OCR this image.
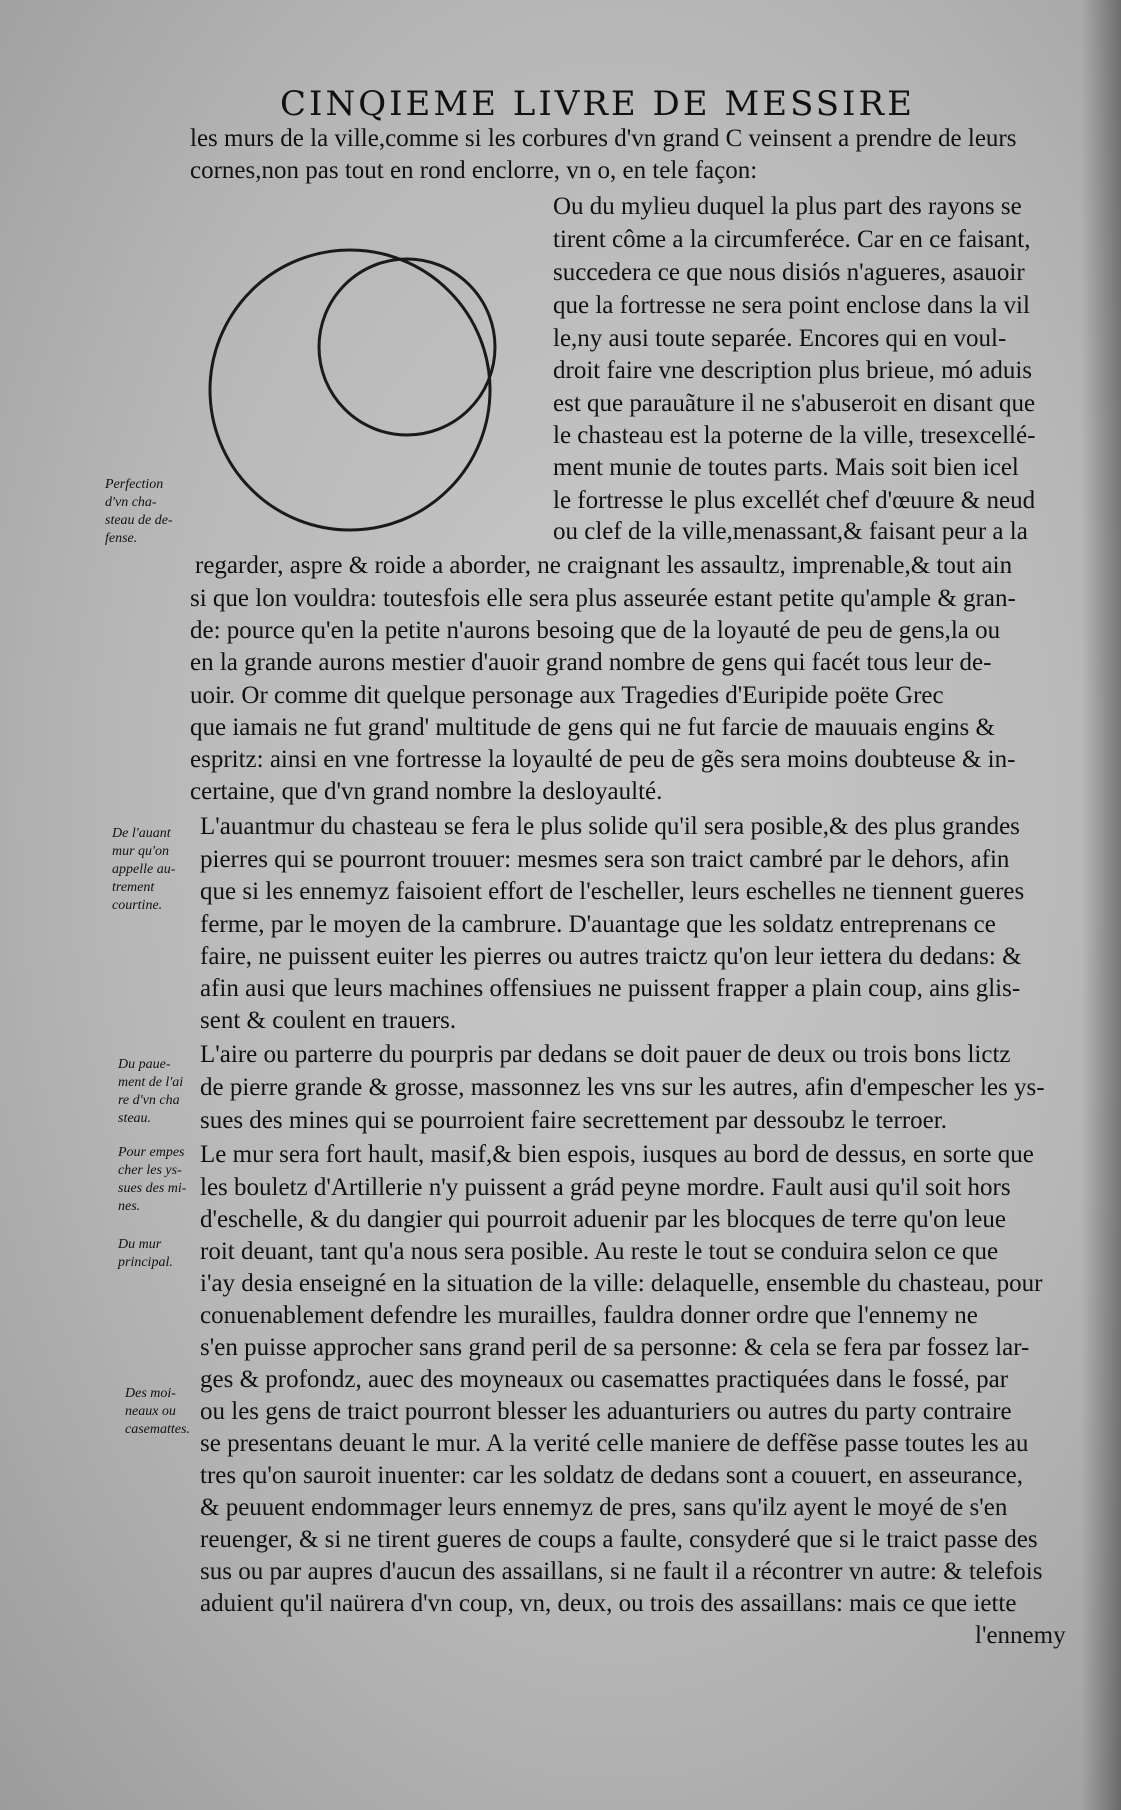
CINQIEME LIVRE DE MESSIRE
les murs de la ville,comme si les corbures d'vn grand C veinsent a prendre de leurs
cornes,non pas tout en rond enclorre, vn o, en tele façon:
Ou du mylieu duquel la plus part des rayons se
tirent côme a la circumferéce. Car en ce faisant,
succedera ce que nous disiós n'agueres, asauoir
que la fortresse ne sera point enclose dans la vil
le,ny ausi toute separée. Encores qui en voul-
droit faire vne description plus brieue, mó aduis
est que parauãture il ne s'abuseroit en disant que
le chasteau est la poterne de la ville, tresexcellé-
ment munie de toutes parts. Mais soit bien icel
le fortresse le plus excellét chef d'œuure & neud
ou clef de la ville,menassant,& faisant peur a la
regarder, aspre & roide a aborder, ne craignant les assaultz, imprenable,& tout ain
si que lon vouldra: toutesfois elle sera plus asseurée estant petite qu'ample & gran-
de: pource qu'en la petite n'aurons besoing que de la loyauté de peu de gens,la ou
en la grande aurons mestier d'auoir grand nombre de gens qui facét tous leur de-
uoir. Or comme dit quelque personage aux Tragedies d'Euripide poëte Grec
que iamais ne fut grand' multitude de gens qui ne fut farcie de mauuais engins &
espritz: ainsi en vne fortresse la loyaulté de peu de gẽs sera moins doubteuse & in-
certaine, que d'vn grand nombre la desloyaulté.
L'auantmur du chasteau se fera le plus solide qu'il sera posible,& des plus grandes
pierres qui se pourront trouuer: mesmes sera son traict cambré par le dehors, afin
que si les ennemyz faisoient effort de l'escheller, leurs eschelles ne tiennent gueres
ferme, par le moyen de la cambrure. D'auantage que les soldatz entreprenans ce
faire, ne puissent euiter les pierres ou autres traictz qu'on leur iettera du dedans: &
afin ausi que leurs machines offensiues ne puissent frapper a plain coup, ains glis-
sent & coulent en trauers.
L'aire ou parterre du pourpris par dedans se doit pauer de deux ou trois bons lictz
de pierre grande & grosse, massonnez les vns sur les autres, afin d'empescher les ys-
sues des mines qui se pourroient faire secrettement par dessoubz le terroer.
Le mur sera fort hault, masif,& bien espois, iusques au bord de dessus, en sorte que
les bouletz d'Artillerie n'y puissent a grád peyne mordre. Fault ausi qu'il soit hors
d'eschelle, & du dangier qui pourroit aduenir par les blocques de terre qu'on leue
roit deuant, tant qu'a nous sera posible. Au reste le tout se conduira selon ce que
i'ay desia enseigné en la situation de la ville: delaquelle, ensemble du chasteau, pour
conuenablement defendre les murailles, fauldra donner ordre que l'ennemy ne
s'en puisse approcher sans grand peril de sa personne: & cela se fera par fossez lar-
ges & profondz, auec des moyneaux ou casemattes practiquées dans le fossé, par
ou les gens de traict pourront blesser les aduanturiers ou autres du party contraire
se presentans deuant le mur. A la verité celle maniere de deffẽse passe toutes les au
tres qu'on sauroit inuenter: car les soldatz de dedans sont a couuert, en asseurance,
& peuuent endommager leurs ennemyz de pres, sans qu'ilz ayent le moyé de s'en
reuenger, & si ne tirent gueres de coups a faulte, consyderé que si le traict passe des
sus ou par aupres d'aucun des assaillans, si ne fault il a récontrer vn autre: & telefois
aduient qu'il naürera d'vn coup, vn, deux, ou trois des assaillans: mais ce que iette
l'ennemy
Perfection
d'vn cha-
steau de de-
fense.
De l'auant
mur qu'on
appelle au-
trement
courtine.
Du paue-
ment de l'ai
re d'vn cha
steau.
Pour empes
cher les ys-
sues des mi-
nes.
Du mur
principal.
Des moi-
neaux ou
casemattes.
